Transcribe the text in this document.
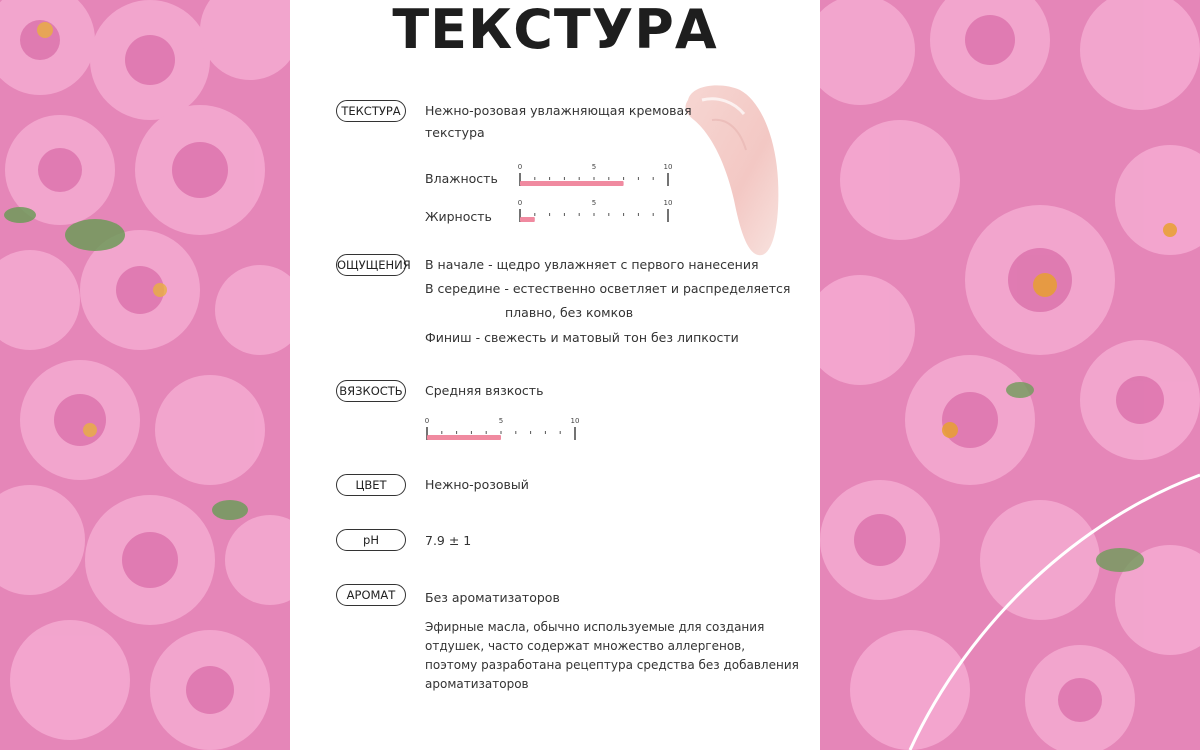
ТЕКСТУРА
ТЕКСТУРА	Нежно-розовая увлажняющая кремовая
текстура
Влажность
0	5	10
Жирность
0	5	10
ОЩУЩЕНИЯ В начале - щедро увлажняет с первого нанесения
В середине - естественно осветляет и распределяется
плавно, без комков
Финиш - свежесть и матовый тон без липкости
ВЯЗКОСТЬ Средняя вязкость
0	5	10
ЦВЕТ	Нежно-розовый
pH	7.9 ± 1
АРОМАТ	Без ароматизаторов
Эфирные масла, обычно используемые для создания
отдушек, часто содержат множество аллергенов,
поэтому разработана рецептура средства без добавления
ароматизаторов
